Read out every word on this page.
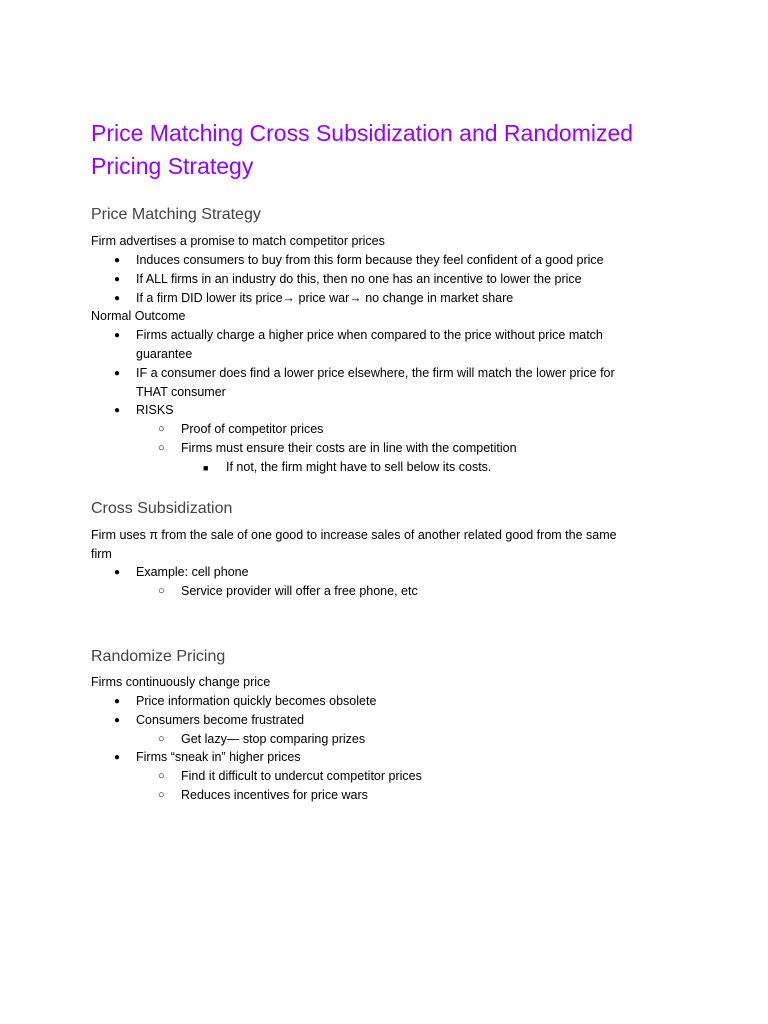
Price Matching Cross Subsidization and Randomized
Pricing Strategy
Price Matching Strategy
Firm advertises a promise to match competitor prices
● Induces consumers to buy from this form because they feel confident of a good price
● If ALL firms in an industry do this, then no one has an incentive to lower the price
● If a firm DID lower its price→ price war→ no change in market share
Normal Outcome
● Firms actually charge a higher price when compared to the price without price match
guarantee
● IF a consumer does find a lower price elsewhere, the firm will match the lower price for
THAT consumer
● RISKS
○ Proof of competitor prices
○ Firms must ensure their costs are in line with the competition
■ If not, the firm might have to sell below its costs.
Cross Subsidization
Firm uses π from the sale of one good to increase sales of another related good from the same
firm
● Example: cell phone
○ Service provider will offer a free phone, etc
Randomize Pricing
Firms continuously change price
● Price information quickly becomes obsolete
● Consumers become frustrated
○ Get lazy— stop comparing prizes
● Firms “sneak in” higher prices
○ Find it difficult to undercut competitor prices
○ Reduces incentives for price wars
